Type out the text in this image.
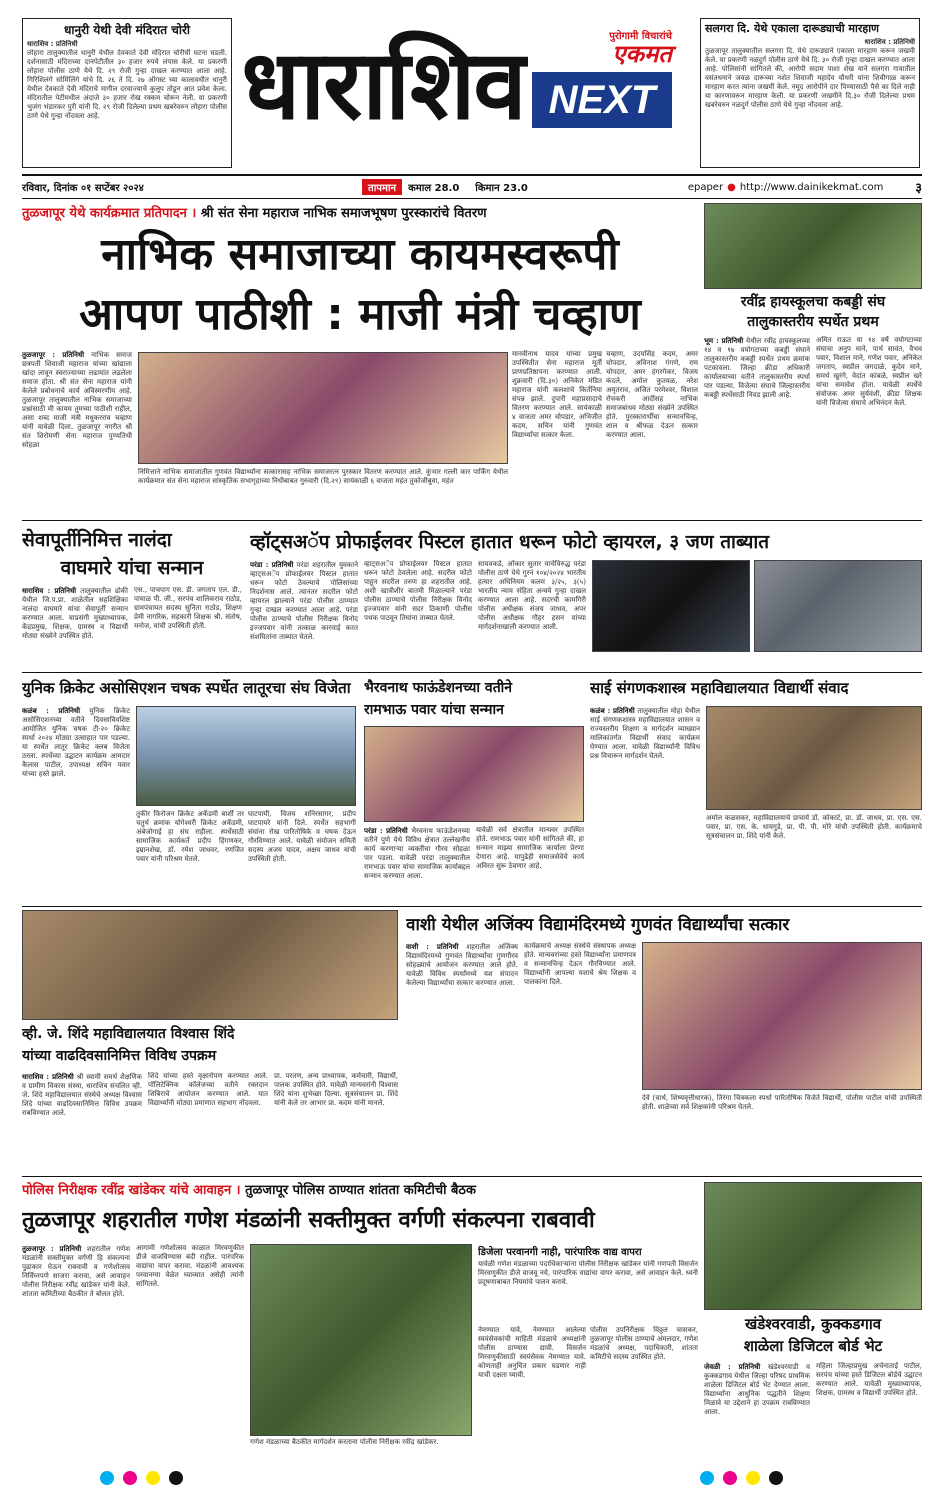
धानुरी येथी देवी मंदिरात चोरी
धाराशिव : प्रतिनिधी
लोहारा तालुक्यातील धानुरी येथील देवकाते देवी मंदिरात चोरीची घटना घडली. दर्शनासाठी मंदिराच्या दानपेटीतील ३० हजार रुपये लंपास केले. या प्रकरणी लोहारा पोलीस ठाणे येथे दि. २९ रोजी गुन्हा दाखल करण्यात आला आहे. गिरिशिलंगे सोमिंलिंगे यांचे दि. २६ ते दि. २७ ऑगस्ट च्या कालावधीत धानुरी येथील देवकाते देवी मंदिराचे मागील दरवाज्याचे कुलूप तोडून आत प्रवेश केला. मंदिरातील पेटीमधील अंदाजे ३० हजार रोख रक्कम चोरून नेली. या प्रकरणी भुजंग भंडारकर पुरी यांनी दि. २९ रोजी दिलेल्या प्रथम खबरेवरुन लोहारा पोलीस ठाणे येथे गुन्हा नोंदवला आहे.	धाराशिव	पुरोगामी विचारांचे
एकमत
NEXT
सलगरा दि. येथे एकाला दारूड्याची मारहाण
धाराशिव : प्रतिनिधी
तुळजापूर तालुक्यातील सलगरा दि. येथे दारूड्याने एकाला मारहाण करून जखमी केले. या प्रकरणी नळदुर्ग पोलीस ठाणे येथे दि. ३० रोजी गुन्हा दाखल करण्यात आला आहे. पोलिसांनी सांगितले की, आरोपी सदाम पाशा शेख याने सलगरा गावातील वसंतधनाने जवळ दारूच्या नशेत शिवाजी महादेव चौधरी यांना शिवीगाळ करून मारहाण करत त्यांना जखमी केले. नमूद आरोपीने दार पिण्यासाठी पैसे का दिले नाही या कारणावरून मारहाण केली. या प्रकरणी जखमीने दि.३० रोजी दिलेल्या प्रथम खबरेवरुन नळदुर्ग पोलीस ठाणे येथे गुन्हा नोंदवला आहे.
रविवार, दिनांक ०१ सप्टेंबर २०२४	तापमान	कमाल 28.0 किमान 23.0	epaper ● http://www.dainikekmat.com ३
तुळजापूर येथे कार्यक्रमात प्रतिपादन । श्री संत सेना महाराज नाभिक समाजभूषण पुरस्कारांचे वितरण
नाभिक समाजाच्या कायमस्वरूपी
आपण पाठीशी : माजी मंत्री चव्हाण
तुळजापूर : प्रतिनिधी नाभिक समाज छत्रपती शिवाजी महाराज यांच्या खांद्याला खांदा लावून स्वराज्याच्या लढायांत लढलेला समाज होता. श्री संत सेना महाराज यांनी केलेले प्रबोधनाचे कार्य अविस्मरणीय आहे. तुळजापूर तालुक्यातील नाभिक समाजाच्या प्रश्नांसाठी मी कायम तुमच्या पाठीशी राहील, असा शब्द माजी मंत्री मधुकरराव चव्हाण यांनी यावेळी दिला. तुळजापूर नगरीत श्री संत शिरोमणी सेना महाराज पुण्यतिथी सोहळा
निमित्ताने नाभिक समाजातील गुणवंत विद्यार्थ्यांना सत्कारासह नाभिक समाजरत्न पुरस्कार वितरण करण्यात आले. कुंभार गल्ली कार पार्किंग येथील कार्यक्रमात संत सेना महाराज सांस्कृतिक सभागृहाच्या निधीबाबत गुरुवारी (दि.२९) सायंकाळी ६ वाजता महंत तुकोजीबुवा, महंत
मानवीनाथ यादव यांच्या प्रमुख उपस्थितीत सेना महाराज मूर्ती प्राणप्रतिष्ठापना करण्यात आली. शुक्रवारी (दि.३०) अनिकेत मंडित महाराज यांनी कलशाचे किर्तनिया संपन्न झाले. दुपारी महाप्रसादाचे वितरण करण्यात आले. सायंकाळी ४ वाजता अमर चोपडार, अभिजीत कदम, सचिन यांनी गुणवंत विद्यार्थ्यांचा सत्कार केला.
चव्हाण, उदयसिंह कदम, अमर चोपदार, अविनाश गंगणे, राम चोपदार, अमर हंगरगेकर, विजय कंदले, अमोल कुतवळ, नरेश अमृतराव, अजित परमेश्वर, विशाल रोचकरी आदींसह नाभिक समाजबांधव मोठ्या संख्येने उपस्थित होते. पुरस्कारार्थींचा सन्मानचिन्ह, शाल व श्रीफळ देऊन सत्कार करण्यात आला.
रवींद्र हायस्कूलचा कबड्डी संघ
तालुकास्तरीय स्पर्धेत प्रथम
भूम : प्रतिनिधी येथील रवींद्र हायस्कूलच्या १४ व १७ वयोगटाच्या कबड्डी संघाने तालुकास्तरीय कबड्डी स्पर्धेत प्रथम क्रमांक पटकावला. जिल्हा क्रीडा अधिकारी कार्यालयाच्या वतीने तालुकास्तरीय स्पर्धा पार पडल्या. विजेत्या संघाचे जिल्हास्तरीय कबड्डी स्पर्धेसाठी निवड झाली आहे.
अमित राऊत या १४ वर्षे वयोगटाच्या संघाचा अनुप माने, पार्थ सावंत, वैभव पवार, विशाल माने, गणेश पवार, अनिकेत जगताप, स्वप्नील जगदाळे, कुदेव माने, समर्थ खुरंगे, वेदांत कांबळे, स्वप्नील खरे यांचा समावेश होता. यावेळी स्पर्धेचे संयोजक अमर सुर्यवंशी, क्रीडा शिक्षक यांनी विजेत्या संघाचे अभिनंदन केले.
सेवापूर्तीनिमित्त नालंदा
वाघमारे यांचा सन्मान
धाराशिव : प्रतिनिधी तालुक्यातील ढोकी येथील जि.प.प्रा. शाळेतील सहशिक्षिका नालंदा वाघमारे यांचा सेवापूर्ती सन्मान करण्यात आला. याप्रसंगी मुख्याध्यापक, केंद्रप्रमुख, शिक्षक, ग्रामस्थ व विद्यार्थी मोठ्या संख्येने उपस्थित होते.
एस., पाचपाग एस. डी. जगताप एल. डी., पायाळ पी. जी., सरपंच शालिकराव राठोड, ग्रामपंचायत सदस्य सुनिता राठोड, शिक्षण प्रेमी नागरिक, सहकारी शिक्षक श्री. संतोष, मनोज, यांची उपस्थिती होती.
व्हॉट्सअॅप प्रोफाईलवर पिस्टल हातात धरून फोटो व्हायरल, ३ जण ताब्यात
परंडा : प्रतिनिधी परंडा शहरातील युवकाने व्हाट्सअॅप प्रोफाईलवर पिस्टल हातात धरून फोटो ठेवल्याचे पोलिसांच्या निदर्शनास आले. त्यानंतर सदरील फोटो व्हायरल झाल्याने परंडा पोलीस ठाण्यात गुन्हा दाखल करण्यात आला आहे. परंडा पोलीस ठाण्याचे पोलीस निरीक्षक विनोद इज्जपवार यांनी तत्काळ कारवाई करत संशयितांना ताब्यात घेतले.
व्हाट्सअॅप प्रोफाईलवर पिस्टल हातात धरून फोटो ठेवलेला आहे. सदरील फोटो पाहून सदरील तरुण हा शहरातील आहे. अशी खात्रीशीर बातमी मिळाल्याने परंडा पोलीस ठाण्याचे पोलीस निरीक्षक विनोद इज्जपवार यांनी सदर ठिकाणी पोलीस पथक पाठवून तिघांना ताब्यात घेतले.
सायवकडे, ओंकार सुतार याचेविरुद्ध परंडा पोलीस ठाणे येथे गुरनं १०४/२०२४ भारतीय हत्यार अधिनियम कलम ३/२५, ३(५) भारतीय न्याय संहिता अन्वये गुन्हा दाखल करण्यात आला आहे. सदरची कामगिरी पोलीस अधीक्षक संजय जाधव, अपर पोलीस अधीक्षक गौहर हसन यांच्या मार्गदर्शनाखाली करण्यात आली.
युनिक क्रिकेट असोसिएशन चषक स्पर्धेत लातूरचा संघ विजेता
कळंब : प्रतिनिधी युनिक क्रिकेट असोसिएशनच्या वतीने दिवसाविवशिष्ट आयोजित युनिक चषक टी-२० क्रिकेट स्पर्धा २०२४ मोठ्या उत्साहात पार पडल्या. या स्पर्धेत लातूर क्रिकेट क्लब विजेता ठरला. स्पर्धेच्या उद्घाटन कार्यक्रम आमदार कैलास पाटील, उपाध्यक्ष सचिन पवार यांच्या हस्ते झाले.
तुकीर फिरोजन क्रिकेट अकॅडमी बार्शी तर चतुर्थ क्रमांक योगेश्वरी क्रिकेट अकॅडमी, अंबेजोगाई हा संघ राहीला. स्पर्धेसाठी सामाजिक कार्यकर्ते प्रदीप हिंगणकर, इम्रानशेख, डॉ. रमेश जाधवर, रणजित पवार यांनी परिश्रम घेतले.
घाटपायी, विजय शनिरसागर, प्रदीप घाटपायरे यांनी दिले. स्पर्धेत सहभागी संघांना रोख पारितोषिके व चषक देऊन गौरविण्यात आले. यावेळी संयोजन समिती सदस्य अजय यादव, अक्षय जाधव यांची उपस्थिती होती.
भैरवनाथ फाऊंडेशनच्या वतीने
रामभाऊ पवार यांचा सन्मान
परंडा : प्रतिनिधी भैरवनाथ फाऊंडेशनच्या वतीने पुणे येथे विविध क्षेत्रात उल्लेखनीय कार्य करणाऱ्या व्यक्तींचा गौरव सोहळा पार पडला. यावेळी परंडा तालुक्यातील रामभाऊ पवार यांचा सामाजिक कार्याबद्दल सन्मान करण्यात आला.
यावेळी सर्व क्षेत्रातील मान्यवर उपस्थित होते. रामभाऊ पवार यांनी सांगितले की, हा सन्मान माझ्या सामाजिक कार्याला प्रेरणा देणारा आहे. यापुढेही समाजसेवेचे कार्य अविरत सुरू ठेवणार आहे.
साई संगणकशास्त्र महाविद्यालयात विद्यार्थी संवाद
कळंब : प्रतिनिधी तालुक्यातील मोहा येथील साई संगणकशास्त्र महाविद्यालयात शासन व राज्यस्तरीय शिक्षण व मार्गदर्शन व्याख्यान मालिकांतर्गत विद्यार्थी संवाद कार्यक्रम घेण्यात आला. यावेळी विद्यार्थ्यांनी विविध प्रश्न विचारून मार्गदर्शन घेतले.
अमोल कळसकर, महाविद्यालयाचे प्राचार्य डॉ. कोकाटे, प्रा. डॉ. जाधव, प्रा. एस. एस. पवार, प्रा. एस. के. धायगुडे, प्रा. पी. पी. मोरे यांची उपस्थिती होती. कार्यक्रमाचे सूत्रसंचालन प्रा. शिंदे यांनी केले.
व्ही. जे. शिंदे महाविद्यालयात विश्वास शिंदे
यांच्या वाढदिवसानिमित्त विविध उपक्रम
धाराशिव : प्रतिनिधी श्री स्वामी समर्थ शैक्षणिक व ग्रामीण विकास संस्था, धाराशिव संचलित व्ही. जे. शिंदे महाविद्यालयात संस्थेचे अध्यक्ष विश्वास शिंदे यांच्या वाढदिवसानिमित्त विविध उपक्रम राबविण्यात आले.
शिंदे यांच्या हस्ते वृक्षारोपण करण्यात आले. पॉलिटेक्निक कॉलेजच्या वतीने रक्तदान शिबिराचे आयोजन करण्यात आले. यात विद्यार्थ्यांनी मोठ्या प्रमाणात सहभाग नोंदवला.
प्रा. परतण, अन्य प्राध्यापक, कर्मचारी, विद्यार्थी, पालक उपस्थित होते. यावेळी मान्यवरांनी विश्वास शिंदे यांना शुभेच्छा दिल्या. सूत्रसंचालन प्रा. शिंदे यांनी केले तर आभार प्रा. कदम यांनी मानले.
वाशी येथील अजिंक्य विद्यामंदिरमध्ये गुणवंत विद्यार्थ्यांचा सत्कार
वाशी : प्रतिनिधी शहरातील अजिंक्य विद्यामंदिरमध्ये गुणवंत विद्यार्थ्यांचा गुणगौरव सोहळ्याचे आयोजन करण्यात आले होते. यावेळी विविध स्पर्धांमध्ये यश संपादन केलेल्या विद्यार्थ्यांचा सत्कार करण्यात आला.
कार्यक्रमाचे अध्यक्ष संस्थेचे संस्थापक अध्यक्ष होते. मान्यवरांच्या हस्ते विद्यार्थ्यांना प्रमाणपत्र व सन्मानचिन्ह देऊन गौरविण्यात आले. विद्यार्थ्यांनी आपल्या यशाचे श्रेय शिक्षक व पालकांना दिले.
देवे (चार्थ, शिष्यवृत्तीधारक), तिरंगा चित्रकला स्पर्धा पारितोषिक विजेते विद्यार्थी, पोलीस पाटील यांची उपस्थिती होती. शाळेच्या सर्व शिक्षकांनी परिश्रम घेतले.
पोलिस निरीक्षक रवींद्र खांडेकर यांचे आवाहन । तुळजापूर पोलिस ठाण्यात शांतता कमिटीची बैठक
तुळजापूर शहरातील गणेश मंडळांनी सक्तीमुक्त वर्गणी संकल्पना राबवावी
तुळजापूर : प्रतिनिधी शहरातील गणेश मंडळांनी सक्तीमुक्त वर्गणी हि संकल्पना पुढाकार घेऊन राबवावी व गणेशोत्सव निर्विघ्नपणे साजरा करावा, असे आवाहन पोलीस निरीक्षक रवींद्र खांडेकर यांनी केले. शांतता कमिटीच्या बैठकीत ते बोलत होते.
आगामी गणेशोत्सव काळात मिरवणुकीत डीजे वाजविण्यास बंदी राहील. पारंपरिक वाद्यांचा वापर करावा. मंडळांनी आवश्यक परवानग्या वेळेत घ्याव्यात असेही त्यांनी सांगितले.
गणेश मंडळाच्या बैठकीत मार्गदर्शन करताना पोलीस निरीक्षक रवींद्र खांडेकर.
डिजेला परवानगी नाही, पारंपारिक वाद्य वापरा
यावेळी गणेश मंडळाच्या पदाधिकाऱ्यांना पोलीस निरीक्षक खांडेकर यांनी गणपती विसर्जन मिरवणुकीत डीजे वाजवू नये, पारंपारिक वाद्यांचा वापर करावा, असे आवाहन केले. ध्वनी प्रदूषणाबाबत नियमांचे पालन करावे.
नेमण्यात यावे, नेमण्यात आलेल्या स्वयंसेवकांची माहिती मंडळाचे अध्यक्षांनी पोलीस ठाण्यास द्यावी. विसर्जन मिरवणुकीसाठी स्वयंसेवक नेमण्यात यावे. कोणताही अनुचित प्रकार घडणार नाही याची दक्षता घ्यावी.
पोलीस उपनिरीक्षक विठ्ठल चासकर, तुळजापूर पोलीस ठाण्याचे अंमलदार, गणेश मंडळांचे अध्यक्ष, पदाधिकारी, शांतता कमिटीचे सदस्य उपस्थित होते.
खंडेश्वरवाडी, कुक्कडगाव
शाळेला डिजिटल बोर्ड भेट
जेवळी : प्रतिनिधी खंडेश्वरवाडी व कुक्कडगाव येथील जिल्हा परिषद प्राथमिक शाळेला डिजिटल बोर्ड भेट देण्यात आला. विद्यार्थ्यांना आधुनिक पद्धतीने शिक्षण मिळावे या उद्देशाने हा उपक्रम राबविण्यात आला.
महिला जिल्हाप्रमुख अर्चनाताई पाटील, सरपंच यांच्या हस्ते डिजिटल बोर्डचे उद्घाटन करण्यात आले. यावेळी मुख्याध्यापक, शिक्षक, ग्रामस्थ व विद्यार्थी उपस्थित होते.
